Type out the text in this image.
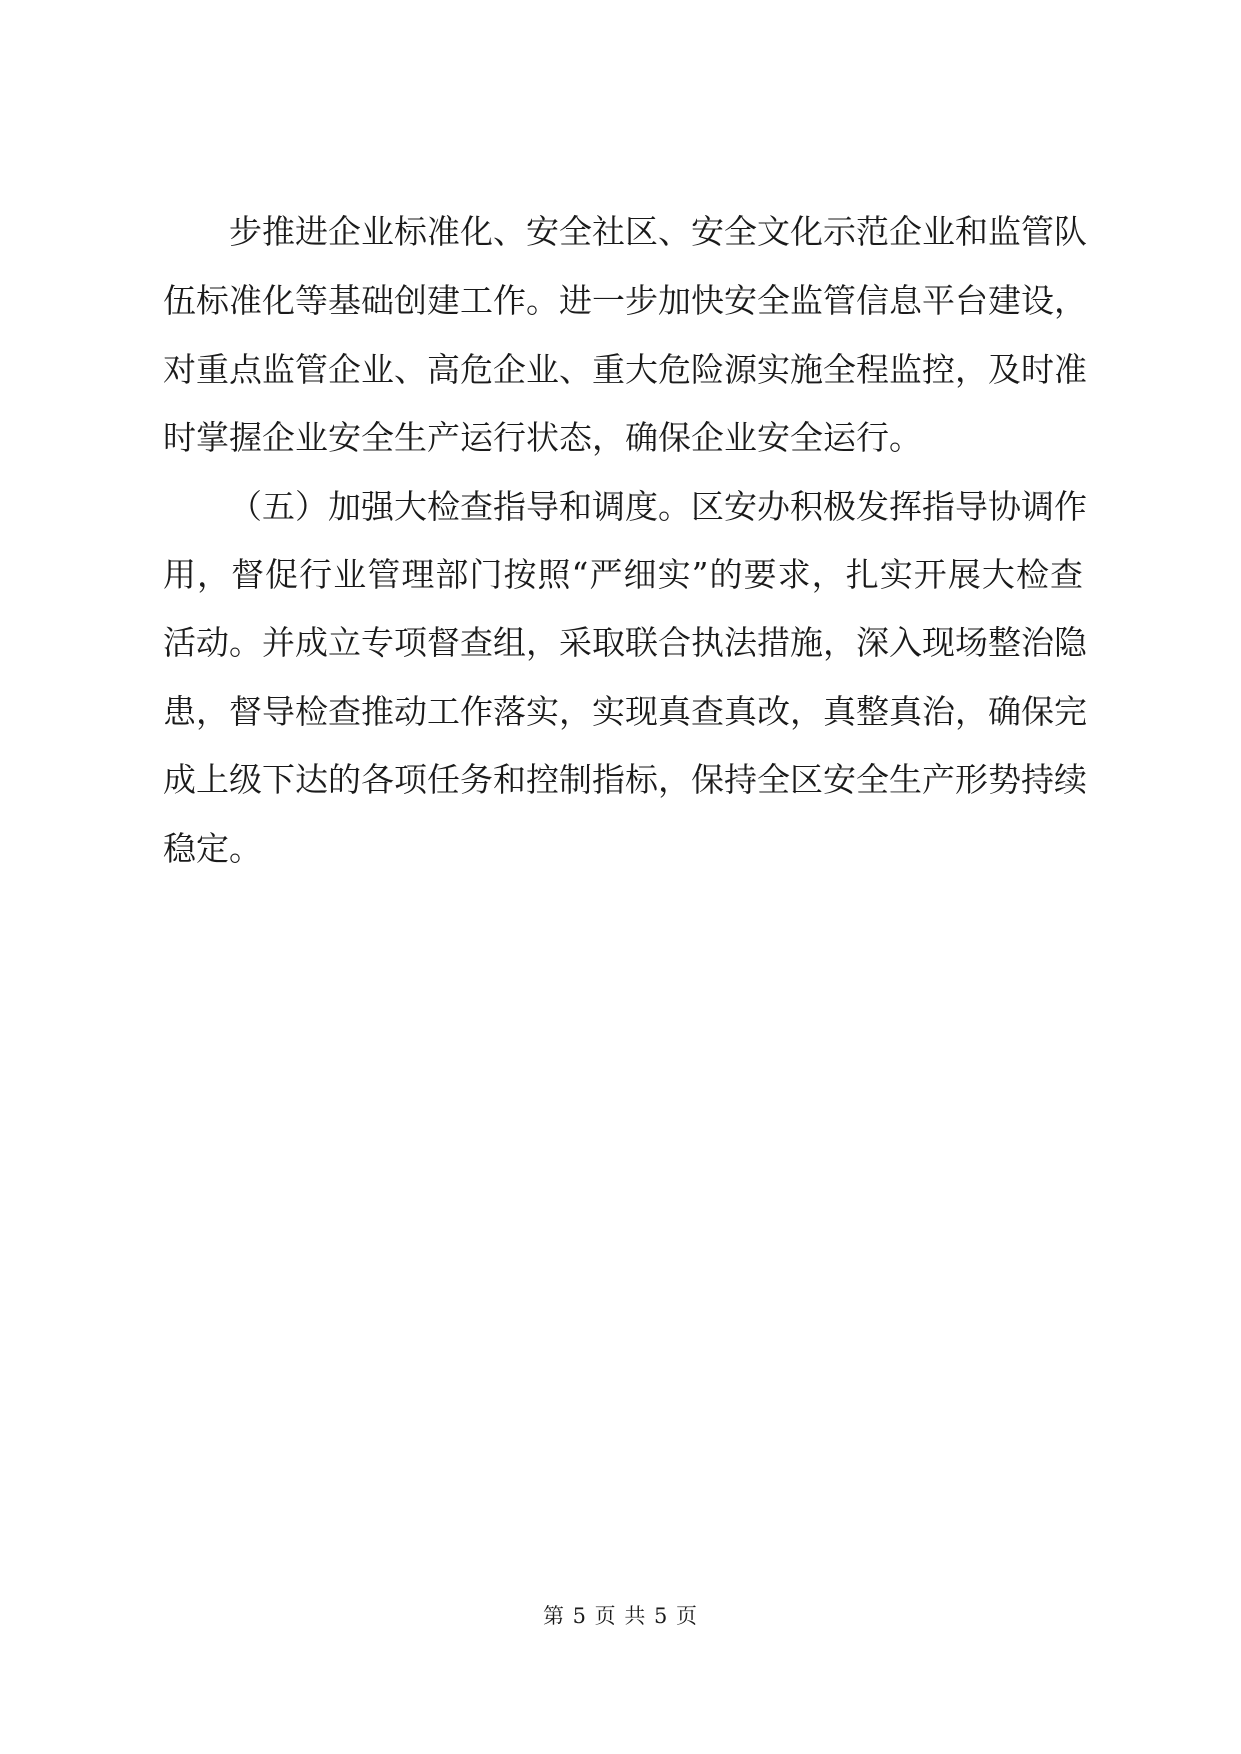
步推进企业标准化、安全社区、安全文化示范企业和监管队
伍标准化等基础创建工作。进一步加快安全监管信息平台建设，
对重点监管企业、高危企业、重大危险源实施全程监控，及时准
时掌握企业安全生产运行状态，确保企业安全运行。
（五）加强大检查指导和调度。区安办积极发挥指导协调作
用，督促行业管理部门按照“严细实”的要求，扎实开展大检查
活动。并成立专项督查组，采取联合执法措施，深入现场整治隐
患，督导检查推动工作落实，实现真查真改，真整真治，确保完
成上级下达的各项任务和控制指标，保持全区安全生产形势持续
稳定。
第 5 页 共 5 页
